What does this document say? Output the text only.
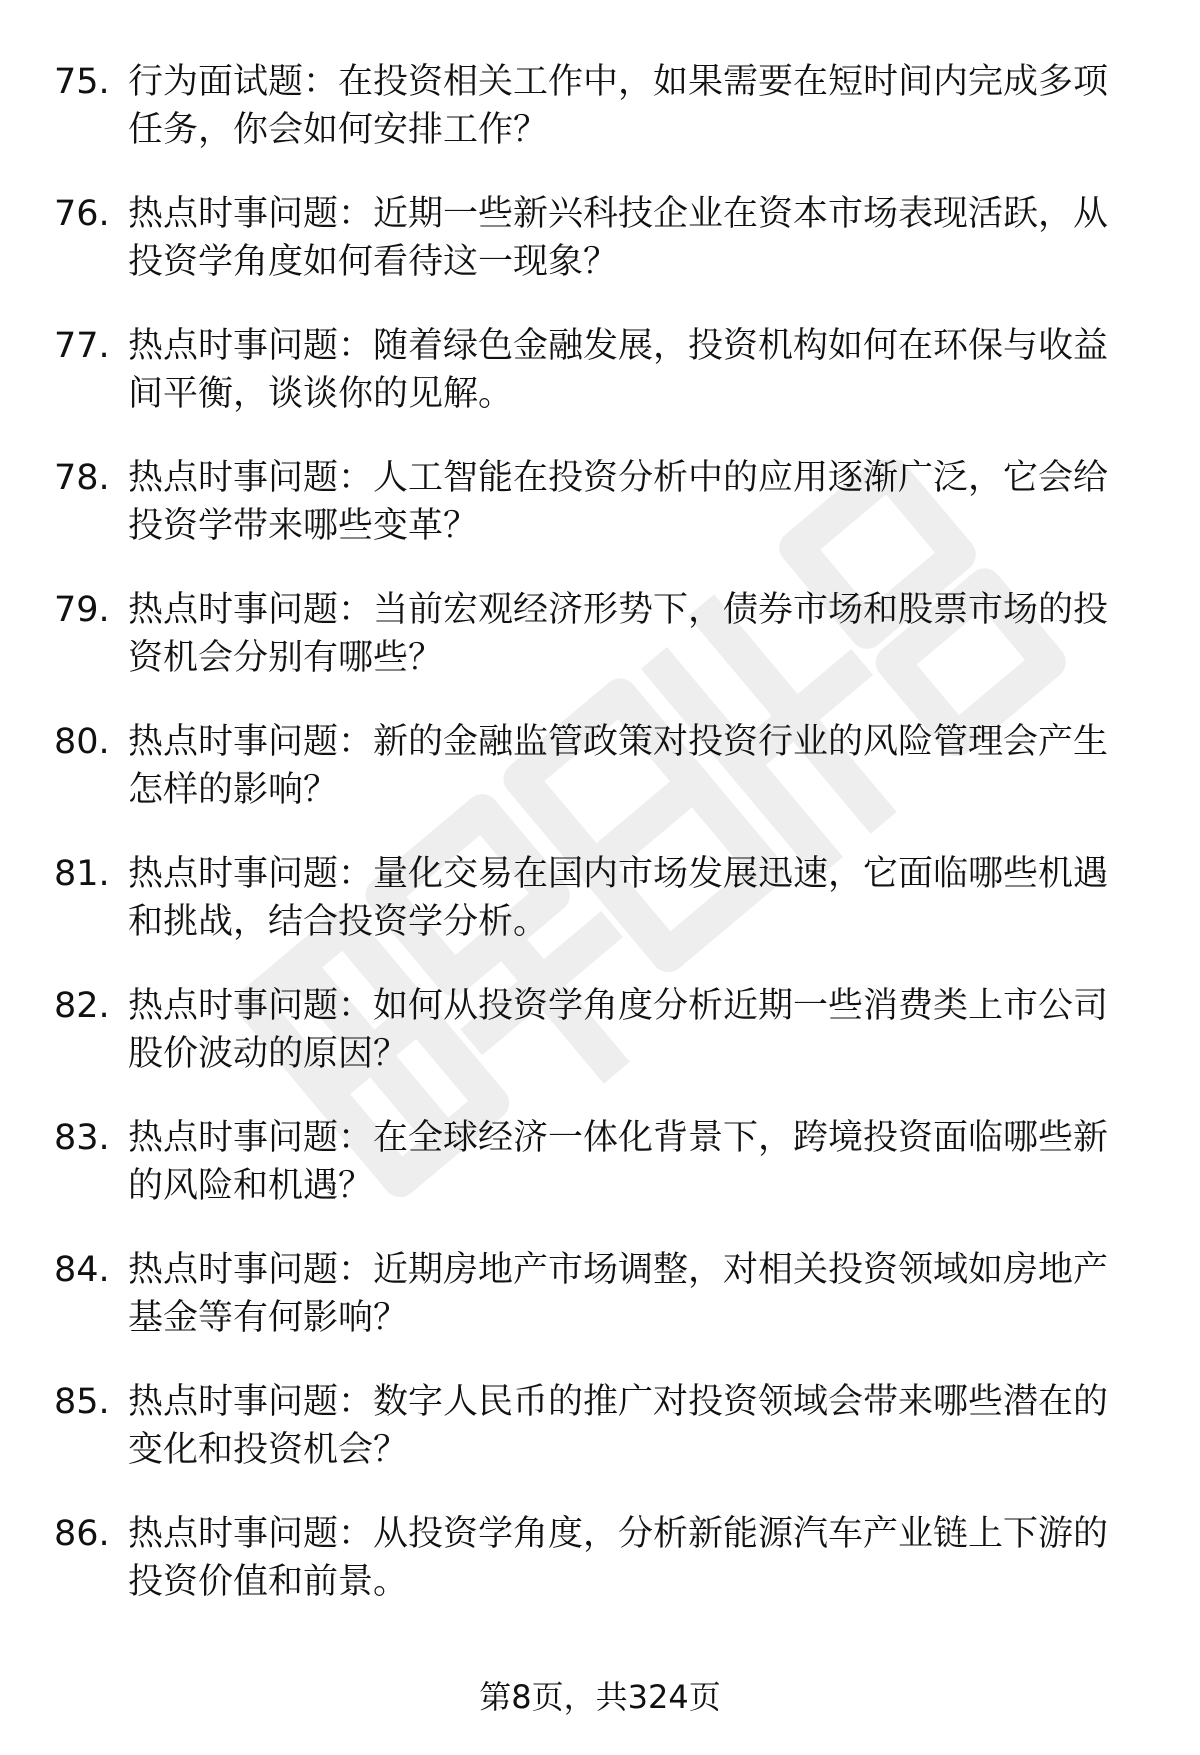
75. 行为面试题：在投资相关工作中，如果需要在短时间内完成多项任务，你会如何安排工作？
76. 热点时事问题：近期一些新兴科技企业在资本市场表现活跃，从投资学角度如何看待这一现象？
77. 热点时事问题：随着绿色金融发展，投资机构如何在环保与收益间平衡，谈谈你的见解。
78. 热点时事问题：人工智能在投资分析中的应用逐渐广泛，它会给投资学带来哪些变革？
79. 热点时事问题：当前宏观经济形势下，债券市场和股票市场的投资机会分别有哪些？
80. 热点时事问题：新的金融监管政策对投资行业的风险管理会产生怎样的影响？
81. 热点时事问题：量化交易在国内市场发展迅速，它面临哪些机遇和挑战，结合投资学分析。
82. 热点时事问题：如何从投资学角度分析近期一些消费类上市公司股价波动的原因？
83. 热点时事问题：在全球经济一体化背景下，跨境投资面临哪些新的风险和机遇？
84. 热点时事问题：近期房地产市场调整，对相关投资领域如房地产基金等有何影响？
85. 热点时事问题：数字人民币的推广对投资领域会带来哪些潜在的变化和投资机会？
86. 热点时事问题：从投资学角度，分析新能源汽车产业链上下游的投资价值和前景。
第8页，共324页
